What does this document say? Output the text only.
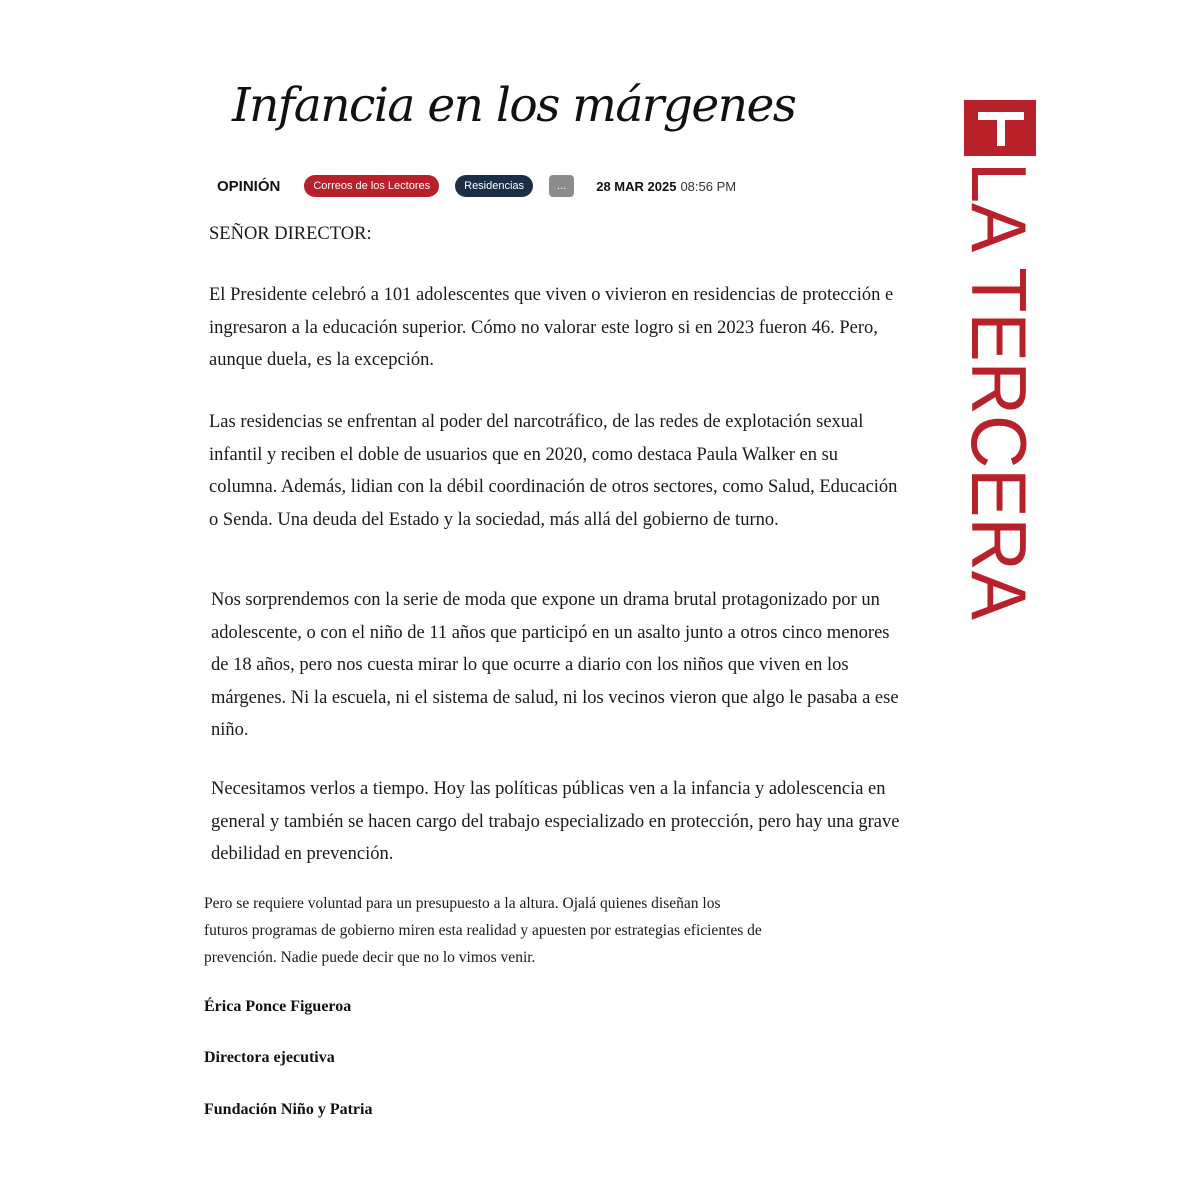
Infancia en los márgenes
OPINIÓN	Correos de los Lectores	Residencias	...	28 MAR 2025 08:56 PM

SEÑOR DIRECTOR:

El Presidente celebró a 101 adolescentes que viven o vivieron en residencias de protección e ingresaron a la educación superior. Cómo no valorar este logro si en 2023 fueron 46. Pero, aunque duela, es la excepción.

Las residencias se enfrentan al poder del narcotráfico, de las redes de explotación sexual infantil y reciben el doble de usuarios que en 2020, como destaca Paula Walker en su columna. Además, lidian con la débil coordinación de otros sectores, como Salud, Educación o Senda. Una deuda del Estado y la sociedad, más allá del gobierno de turno.

Nos sorprendemos con la serie de moda que expone un drama brutal protagonizado por un adolescente, o con el niño de 11 años que participó en un asalto junto a otros cinco menores de 18 años, pero nos cuesta mirar lo que ocurre a diario con los niños que viven en los márgenes. Ni la escuela, ni el sistema de salud, ni los vecinos vieron que algo le pasaba a ese niño.

Necesitamos verlos a tiempo. Hoy las políticas públicas ven a la infancia y adolescencia en general y también se hacen cargo del trabajo especializado en protección, pero hay una grave debilidad en prevención.

Pero se requiere voluntad para un presupuesto a la altura. Ojalá quienes diseñan los futuros programas de gobierno miren esta realidad y apuesten por estrategias eficientes de prevención. Nadie puede decir que no lo vimos venir.

Érica Ponce Figueroa

Directora ejecutiva

Fundación Niño y Patria

LA TERCERA
